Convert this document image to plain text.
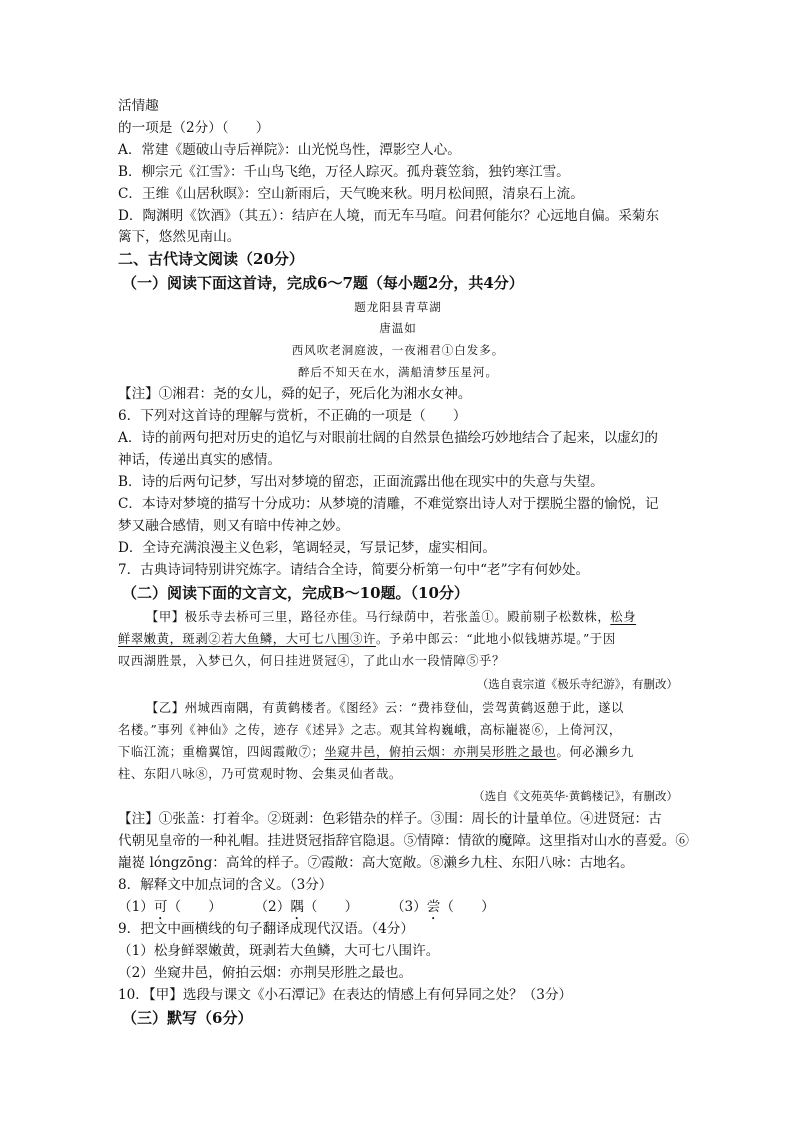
活情趣
的一项是（2分）（　　）
A．常建《题破山寺后禅院》：山光悦鸟性，潭影空人心。
B．柳宗元《江雪》：千山鸟飞绝，万径人踪灭。孤舟蓑笠翁，独钓寒江雪。
C．王维《山居秋暝》：空山新雨后，天气晚来秋。明月松间照，清泉石上流。
D．陶渊明《饮酒》（其五）：结庐在人境，而无车马喧。问君何能尔？心远地自偏。采菊东
篱下，悠然见南山。
二、古代诗文阅读（20分）
（一）阅读下面这首诗，完成6～7题（每小题2分，共4分）
题龙阳县青草湖
唐温如
西风吹老洞庭波，一夜湘君①白发多。
醉后不知天在水，满船清梦压星河。
【注】①湘君：尧的女儿，舜的妃子，死后化为湘水女神。
6．下列对这首诗的理解与赏析，不正确的一项是（　　）
A．诗的前两句把对历史的追忆与对眼前壮阔的自然景色描绘巧妙地结合了起来，以虚幻的
神话，传递出真实的感情。
B．诗的后两句记梦，写出对梦境的留恋，正面流露出他在现实中的失意与失望。
C．本诗对梦境的描写十分成功：从梦境的清雕，不难觉察出诗人对于摆脱尘嚣的愉悦，记
梦又融合感情，则又有暗中传神之妙。
D．全诗充满浪漫主义色彩，笔调轻灵，写景记梦，虚实相间。
7．古典诗词特别讲究炼字。请结合全诗，简要分析第一句中“老”字有何妙处。
（二）阅读下面的文言文，完成B～10题。（10分）
【甲】极乐寺去桥可三里，路径亦佳。马行绿荫中，若张盖①。殿前剔子松数株，松身
鲜翠嫩黄，斑剥②若大鱼鳞，大可七八围③许。予弟中郎云：“此地小似钱塘苏堤。”于因
叹西湖胜景，入梦已久，何日挂进贤冠④，了此山水一段情障⑤乎？
（选自袁宗道《极乐寺纪游》，有删改）
【乙】州城西南隅，有黄鹤楼者。《图经》云：“费祎登仙，尝驾黄鹤返憩于此，遂以
名楼。”事列《神仙》之传，迹存《述异》之志。观其耸构巍峨，高标巃嵸⑥，上倚河汉，
下临江流；重檐翼馆，四闼霞敞⑦；坐窥井邑，俯拍云烟：亦荆吴形胜之最也。何必濑乡九
柱、东阳八咏⑧，乃可赏观时物、会集灵仙者哉。
（选自《文苑英华·黄鹤楼记》，有删改）
【注】①张盖：打着伞。②斑剥：色彩错杂的样子。③围：周长的计量单位。④进贤冠：古
代朝见皇帝的一种礼帽。挂进贤冠指辞官隐退。⑤情障：情欲的魔障。这里指对山水的喜爱。⑥
巃嵸 lóngzōng：高耸的样子。⑦霞敞：高大宽敞。⑧濑乡九柱、东阳八咏：古地名。
8．解释文中加点词的含义。（3分）
（1）可（　　） （2）隅（　　） （3）尝（　　）
9．把文中画横线的句子翻译成现代汉语。（4分）
（1）松身鲜翠嫩黄，斑剥若大鱼鳞，大可七八围许。
（2）坐窥井邑，俯拍云烟：亦荆吴形胜之最也。
10．【甲】选段与课文《小石潭记》在表达的情感上有何异同之处？（3分）
（三）默写（6分）
